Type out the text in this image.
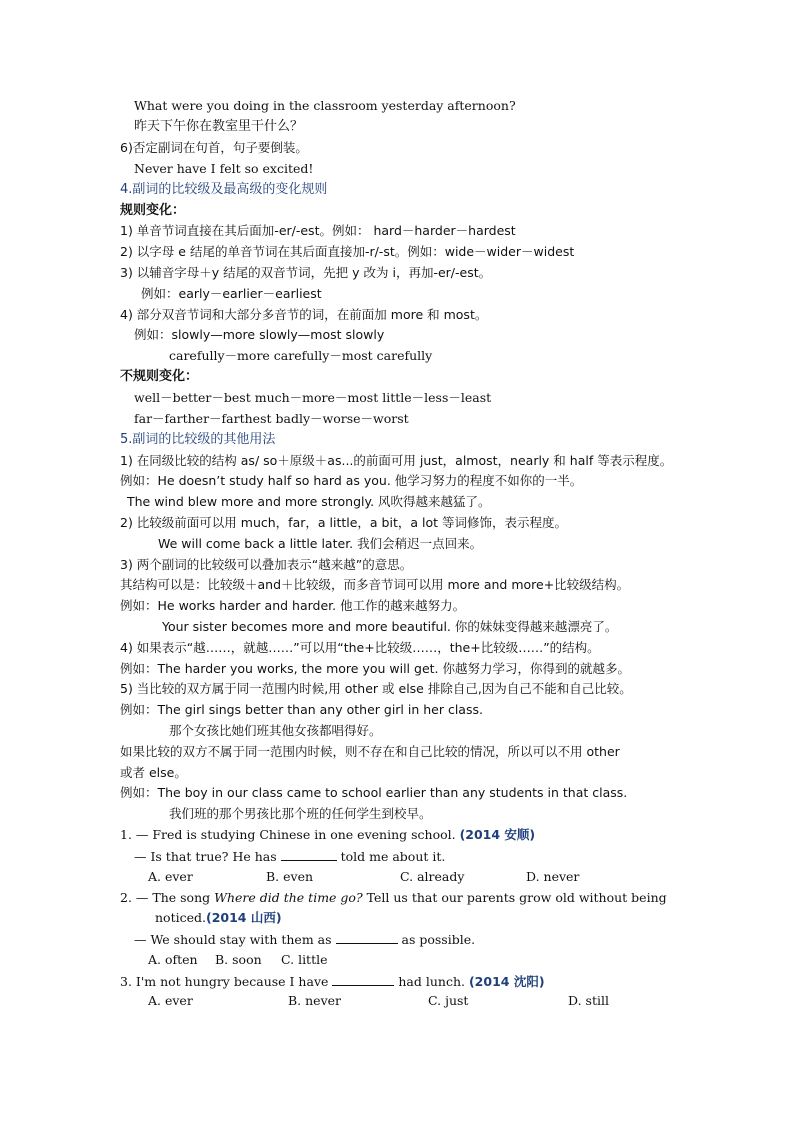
What were you doing in the classroom yesterday afternoon?
昨天下午你在教室里干什么？
6)否定副词在句首，句子要倒装。
Never have I felt so excited!
4.副词的比较级及最高级的变化规则
规则变化：
1) 单音节词直接在其后面加-er/-est。例如： hard－harder－hardest
2) 以字母 e 结尾的单音节词在其后面直接加-r/-st。例如：wide－wider－widest
3) 以辅音字母＋y 结尾的双音节词，先把 y 改为 i，再加-er/-est。
例如：early－earlier－earliest
4) 部分双音节词和大部分多音节的词，在前面加 more 和 most。
例如：slowly—more slowly—most slowly
carefully－more carefully－most carefully
不规则变化：
well－better－best much－more－most little－less－least
far－farther－farthest badly－worse－worst
5.副词的比较级的其他用法
1) 在同级比较的结构 as/ so＋原级＋as...的前面可用 just，almost，nearly 和 half 等表示程度。
例如：He doesn’t study half so hard as you. 他学习努力的程度不如你的一半。
The wind blew more and more strongly. 风吹得越来越猛了。
2) 比较级前面可以用 much，far，a little，a bit，a lot 等词修饰，表示程度。
We will come back a little later. 我们会稍迟一点回来。
3) 两个副词的比较级可以叠加表示“越来越”的意思。
其结构可以是：比较级＋and＋比较级，而多音节词可以用 more and more+比较级结构。
例如：He works harder and harder. 他工作的越来越努力。
Your sister becomes more and more beautiful. 你的妹妹变得越来越漂亮了。
4) 如果表示“越……，就越……”可以用“the+比较级……，the+比较级……”的结构。
例如：The harder you works, the more you will get. 你越努力学习，你得到的就越多。
5) 当比较的双方属于同一范围内时候,用 other 或 else 排除自己,因为自己不能和自己比较。
例如：The girl sings better than any other girl in her class.
那个女孩比她们班其他女孩都唱得好。
如果比较的双方不属于同一范围内时候，则不存在和自己比较的情况，所以可以不用 other
或者 else。
例如：The boy in our class came to school earlier than any students in that class.
我们班的那个男孩比那个班的任何学生到校早。
1. — Fred is studying Chinese in one evening school. (2014 安顺)
— Is that true? He has	told me about it.
A. ever	B. even	C. already	D. never
2. — The song Where did the time go? Tell us that our parents grow old without being
noticed.(2014 山西)
— We should stay with them as	as possible.
A. often B. soon C. little
3. I'm not hungry because I have	had lunch. (2014 沈阳)
A. ever	B. never	C. just	D. still
